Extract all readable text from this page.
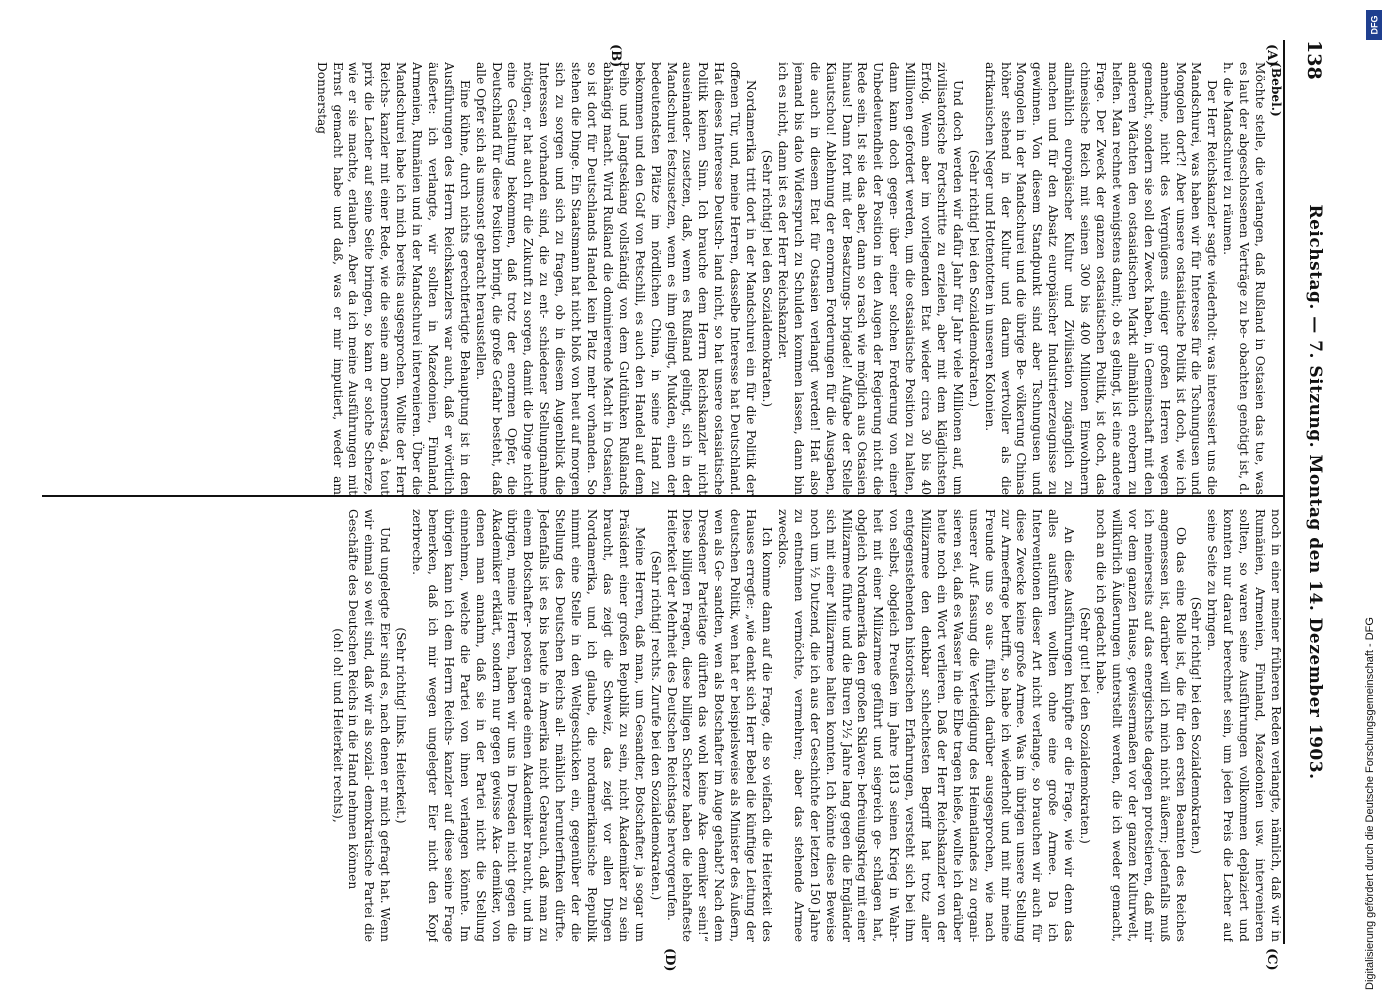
138
Reichstag. — 7. Sitzung. Montag den 14. Dezember 1903.
(A)
(B)
(C)
(D)

(Bebel.)

Möchte stelle, die verlangen, daß Rußland in Ostasien das tue, was es laut der abgeschlossenen Verträge zu be- obachten genötigt ist, d. h. die Mandschurei zu räumen.

Der Herr Reichskanzler sagte wiederholt: was interessiert uns die Mandschurei, was haben wir für Interesse für die Tschungusen und Mongolen dort?! Aber unsere ostasiatische Politik ist doch, wie ich annehme, nicht des Vergnügens einiger großen Herren wegen gemacht, sondern sie soll den Zweck haben, in Gemeinschaft mit den anderen Mächten den ostasiatischen Markt allmählich erobern zu helfen. Man rechnet wenigstens damit; ob es gelingt, ist eine andere Frage. Der Zweck der ganzen ostasiatischen Politik, ist doch, das chinesische Reich mit seinen 300 bis 400 Millionen Einwohnern allmählich europäischer Kultur und Zivilisation zugänglich zu machen und für den Absatz europäischer Industrieerzeugnisse zu gewinnen. Von diesem Standpunkt sind aber Tschungusen und Mongolen in der Mandschurei und die übrige Be- völkerung Chinas höher stehend in der Kultur und darum wertvoller als die afrikanischen Neger und Hottentotten in unseren Kolonien.

(Sehr richtig! bei den Sozialdemokraten.)

Und doch werden wir dafür Jahr für Jahr viele Millionen auf, um zivilisatorische Fortschritte zu erzielen, aber mit dem kläglichsten Erfolg. Wenn aber im vorliegenden Etat wieder circa 30 bis 40 Millionen gefordert werden, um die ostasiatische Position zu halten, dann kann doch gegen- über einer solchen Forderung von einer Unbedeutendheit der Position in den Augen der Regierung nicht die Rede sein. Ist sie das aber, dann so rasch wie möglich aus Ostasien hinaus! Dann fort mit der Besatzungs- brigade! Aufgabe der Stelle Kiautschou! Ablehnung der enormen Forderungen für die Ausgaben, die auch in diesem Etat für Ostasien verlangt werden! Hat also jemand bis dato Widerspruch zu Schulden kommen lassen, dann bin ich es nicht, dann ist es der Herr Reichskanzler.

(Sehr richtig! bei den Sozialdemokraten.)

Nordamerika tritt dort in der Mandschurei ein für die Politik der offenen Tür, und, meine Herren, dasselbe Interesse hat Deutschland. Hat dieses Interesse Deutsch- land nicht, so hat unsere ostasiatische Politik keinen Sinn. Ich brauche dem Herrn Reichskanzler nicht auseinander- zusetzen, daß, wenn es Rußland gelingt, sich in der Mandschurei festzusetzen, wenn es ihm gelingt, Mukden, einen der bedeutendsten Plätze im nördlichen China, in seine Hand zu bekommen und den Golf von Petschili, es auch den Handel auf dem Peiho und Jangtsekiang vollständig von dem Gutdünken Rußlands abhängig macht. Wird Rußland die dominierende Macht in Ostasien, so ist dort für Deutschlands Handel kein Platz mehr vorhanden. So stehen die Dinge. Ein Staatsmann hat nicht bloß von heut auf morgen sich zu sorgen und sich zu fragen, ob in diesem Augenblick die Interessen vorhanden sind, die zu ent- schiedener Stellungnahme nötigen, er hat auch für die Zukunft zu sorgen, damit die Dinge nicht eine Gestaltung bekommen, daß trotz der enormen Opfer, die Deutschland für diese Position bringt, die große Gefahr besteht, daß alle Opfer sich als umsonst gebracht herausstellen.

Eine kühne, durch nichts gerechtfertigte Behauptung ist in den Ausführungen des Herrn Reichskanzlers war auch, daß er wörtlich äußerte: ich verlangte, wir sollten in Mazedonien, Finnland, Armenien, Rumänien und in der Mandschurei intervenieren. Über die Mandschurei habe ich mich bereits ausgesprochen. Wollte der Herr Reichs- kanzler mit einer Rede, wie die seine am Donnerstag, à tout prix die Lacher auf seine Seite bringen, so kann er solche Scherze, wie er sie machte, erlauben. Aber da ich meine Ausführungen mit Ernst gemacht habe und daß, was er mir imputiert, weder am Donnerstag

noch in einer meiner früheren Reden verlangte, nämlich, daß wir in Rumänien, Armenien, Finnland, Mazedonien usw. intervenieren sollten, so waren seine Ausführungen vollkommen deplaziert und konnten nur darauf berechnet sein, um jeden Preis die Lacher auf seine Seite zu bringen.

(Sehr richtig! bei den Sozialdemokraten.)

Ob das eine Rolle ist, die für den ersten Beamten des Reiches angemessen ist, darüber will ich mich nicht äußern; jedenfalls muß ich meinerseits auf das energischste dagegen protestieren, daß mir vor dem ganzen Hause, gewissermaßen vor der ganzen Kulturwelt, willkürlich Äußerungen unterstellt werden, die ich weder gemacht, noch an die ich gedacht habe.

(Sehr gut! bei den Sozialdemokraten.)

An diese Ausführungen knüpfte er die Frage, wie wir denn das alles ausführen wollten ohne eine große Armee. Da ich Interventionen dieser Art nicht verlange, so brauchen wir auch für diese Zwecke keine große Armee. Was im übrigen unsere Stellung zur Armeefrage betrifft, so habe ich wiederholt und mit mir meine Freunde uns so aus- führlich darüber ausgesprochen, wie nach unserer Auf- fassung die Verteidigung des Heimatlandes zu organi- sieren sei, daß es Wasser in die Elbe tragen hieße, wollte ich darüber heute noch ein Wort verlieren. Daß der Herr Reichskanzler von der Milizarmee den denkbar schlechtesten Begriff hat trotz aller entgegenstehenden historischen Erfahrungen, versteht sich bei ihm von selbst, obgleich Preußen im Jahre 1813 seinen Krieg in Wahr- heit mit einer Milizarmee geführt und siegreich ge- schlagen hat, obgleich Nordamerika den großen Sklaven- befreiungskrieg mit einer Milizarmee führte und die Buren 2½ Jahre lang gegen die Engländer sich mit einer Milizarmee halten konnten. Ich könnte diese Beweise noch um ½ Dutzend, die ich aus der Geschichte der letzten 150 Jahre zu entnehmen vermöchte, vermehren; aber das stehende Armee zwecklos.

Ich komme dann auf die Frage, die so vielfach die Heiterkeit des Hauses erregte: „wie denkt sich Herr Bebel die künftige Leitung der deutschen Politik, wen hat er beispielsweise als Minister des Äußern, wen als Ge- sandten, wen als Botschafter im Auge gehabt? Nach dem Dresdener Parteitage dürften das wohl keine Aka- demiker sein!“ Diese billigen Fragen, diese billigen Scherze haben die lebhafteste Heiterkeit der Mehrheit des Deutschen Reichstags hervorgerufen.

(Sehr richtig! rechts. Zurufe bei den Sozialdemokraten.)

Meine Herren, daß man, um Gesandter, Botschafter, ja sogar um Präsident einer großen Republik zu sein, nicht Akademiker zu sein braucht, das zeigt die Schweiz, das zeigt vor allen Dingen Nordamerika, und ich glaube, die nordamerikanische Republik nimmt eine Stelle in den Weltgeschicken ein, gegenüber der die Stellung des Deutschen Reichs all- mählich herunterfinken dürfte. Jedenfalls ist es bis heute in Amerika nicht Gebrauch, daß man zu einem Botschafter- posten gerade einen Akademiker braucht, und im übrigen, meine Herren, haben wir uns in Dresden nicht gegen die Akademiker erklärt, sondern nur gegen gewisse Aka- demiker, von denen man annahm, daß sie in der Partei nicht die Stellung einnehmen, welche die Partei von ihnen verlangen könnte. Im übrigen kann ich dem Herrn Reichs- kanzler auf diese seine Frage bemerken, daß ich mir wegen ungelegter Eier nicht den Kopf zerbreche.

(Sehr richtig! links. Heiterkeit.)

Und ungelegte Eier sind es, nach denen er mich gefragt hat. Wenn wir einmal so weit sind, daß wir als sozial- demokratische Partei die Geschäfte des Deutschen Reichs in die Hand nehmen können

(oh! oh! und Heiterkeit rechts),

DFG
Digitalisierung gefördert durch die Deutsche Forschungsgemeinschaft - DFG
